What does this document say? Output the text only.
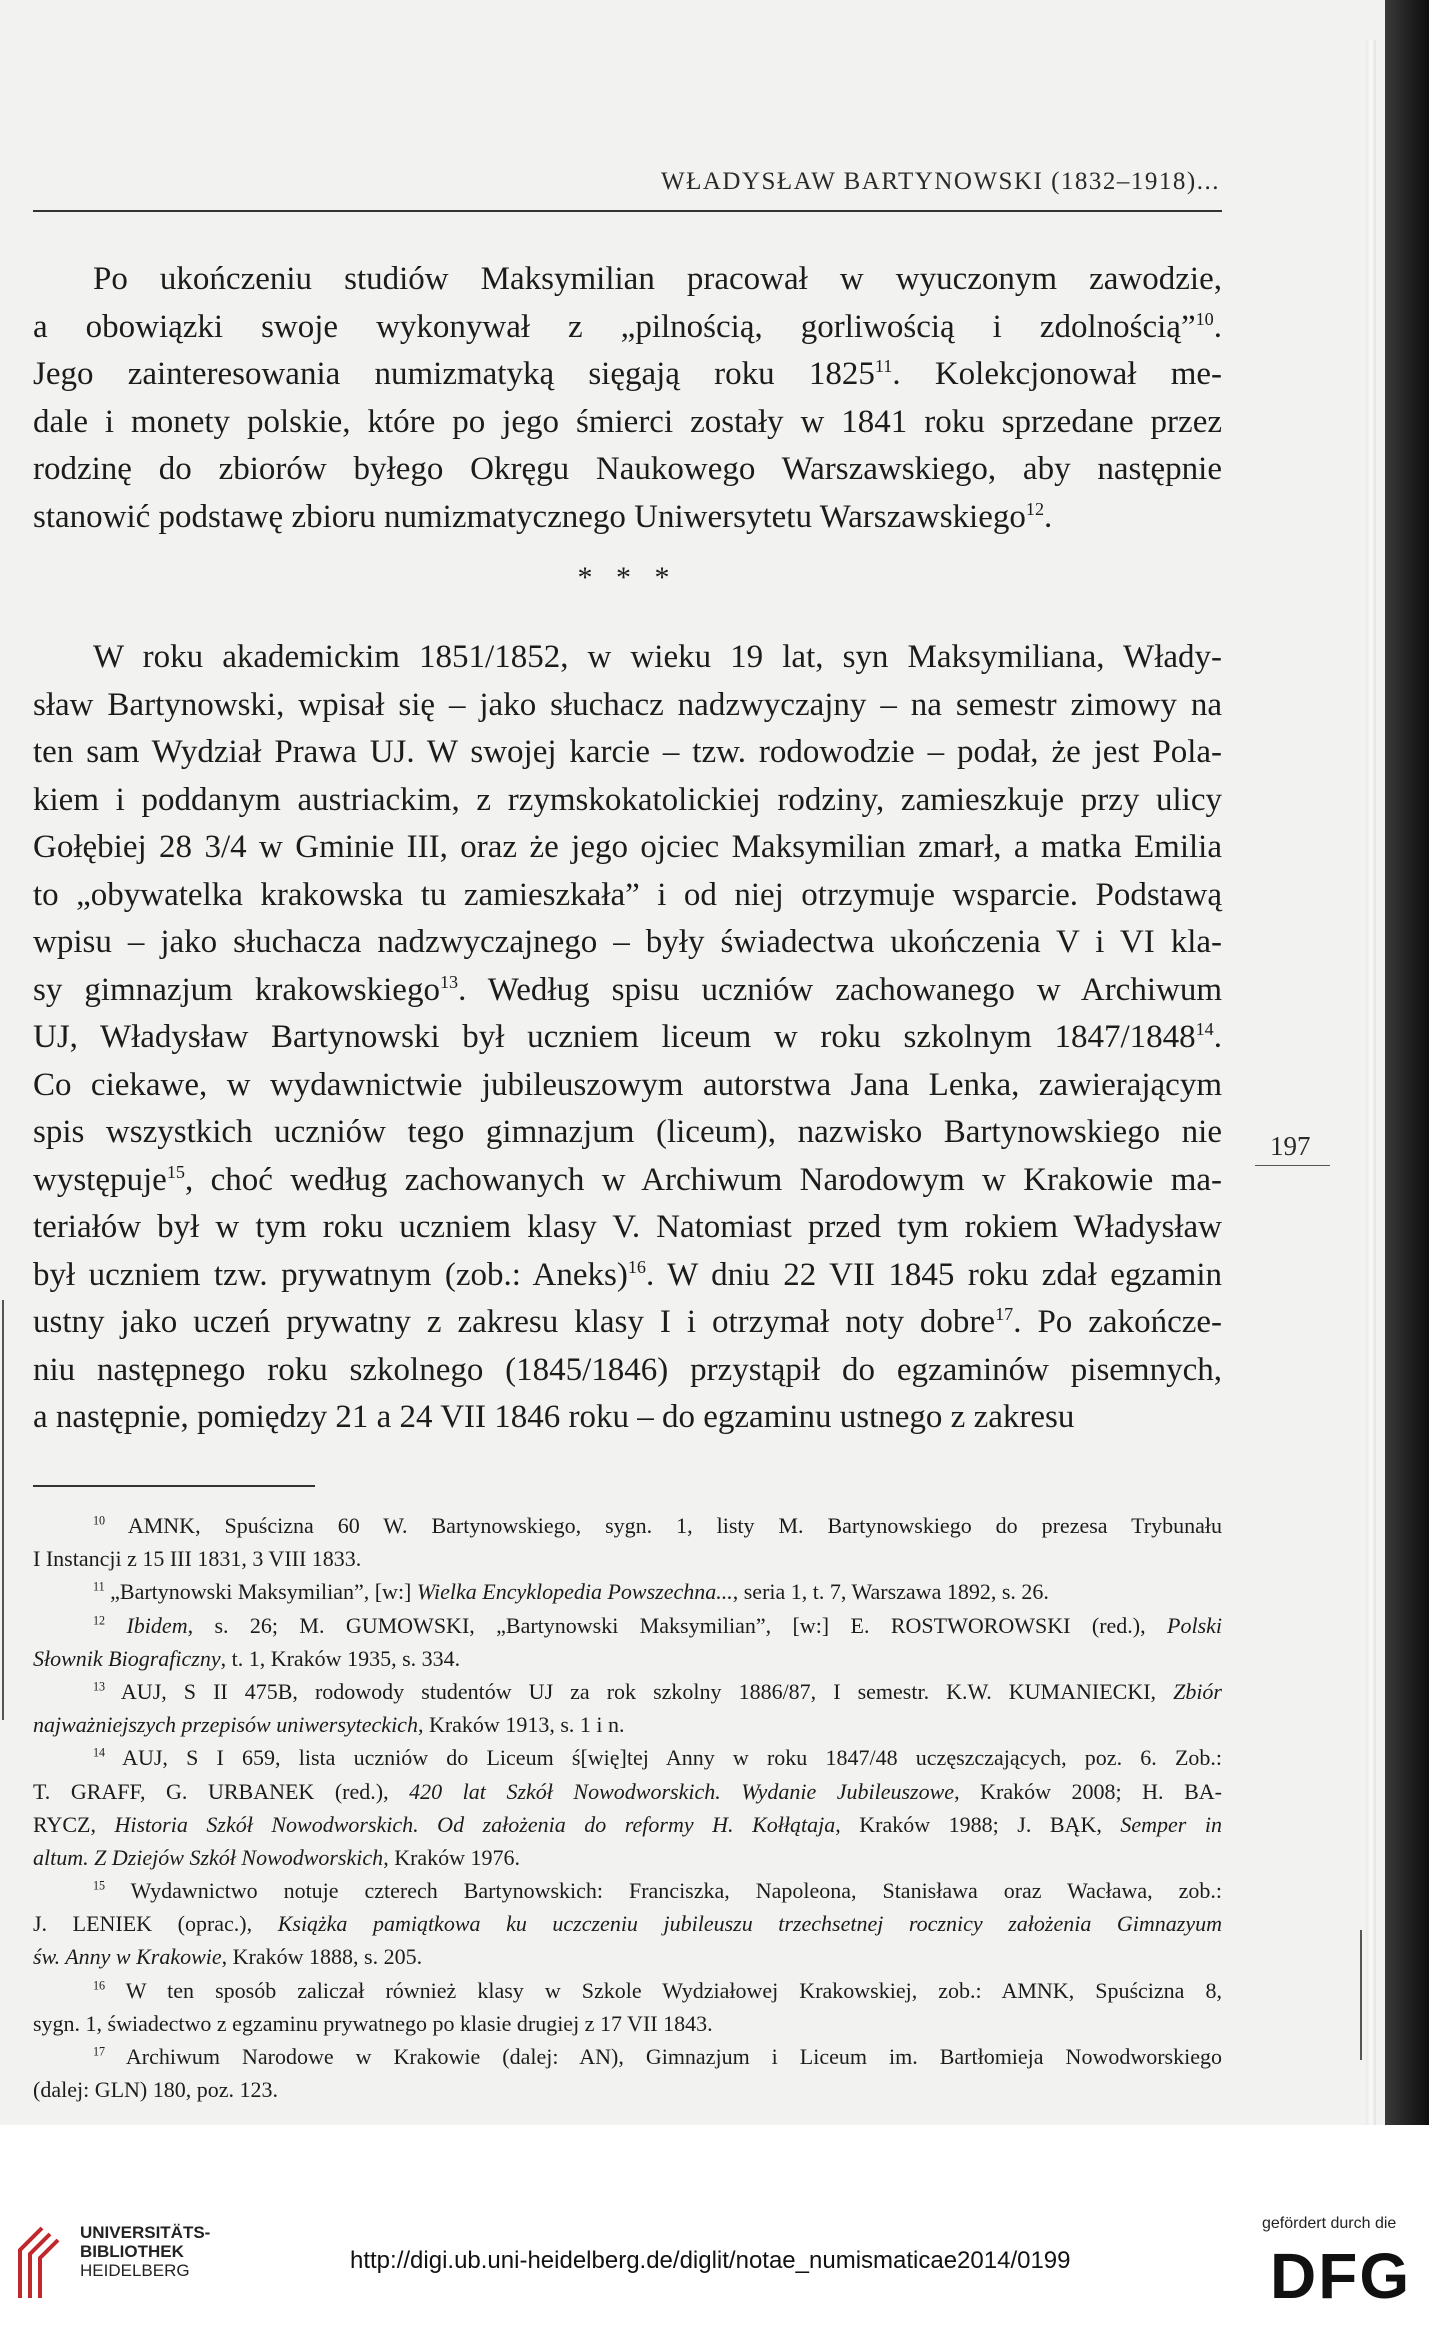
WŁADYSŁAW BARTYNOWSKI (1832–1918)...
Po ukończeniu studiów Maksymilian pracował w wyuczonym zawodzie,
a obowiązki swoje wykonywał z „pilnością, gorliwością i zdolnością”$^{10}$.
Jego zainteresowania numizmatyką sięgają roku 1825$^{11}$. Kolekcjonował me-
dale i monety polskie, które po jego śmierci zostały w 1841 roku sprzedane przez
rodzinę do zbiorów byłego Okręgu Naukowego Warszawskiego, aby następnie
stanowić podstawę zbioru numizmatycznego Uniwersytetu Warszawskiego$^{12}$.
* * *
W roku akademickim 1851/1852, w wieku 19 lat, syn Maksymiliana, Włady-
sław Bartynowski, wpisał się – jako słuchacz nadzwyczajny – na semestr zimowy na
ten sam Wydział Prawa UJ. W swojej karcie – tzw. rodowodzie – podał, że jest Pola-
kiem i poddanym austriackim, z rzymskokatolickiej rodziny, zamieszkuje przy ulicy
Gołębiej 28 3/4 w Gminie III, oraz że jego ojciec Maksymilian zmarł, a matka Emilia
to „obywatelka krakowska tu zamieszkała” i od niej otrzymuje wsparcie. Podstawą
wpisu – jako słuchacza nadzwyczajnego – były świadectwa ukończenia V i VI kla-
sy gimnazjum krakowskiego$^{13}$. Według spisu uczniów zachowanego w Archiwum
UJ, Władysław Bartynowski był uczniem liceum w roku szkolnym 1847/1848$^{14}$.
Co ciekawe, w wydawnictwie jubileuszowym autorstwa Jana Lenka, zawierającym
spis wszystkich uczniów tego gimnazjum (liceum), nazwisko Bartynowskiego nie
występuje$^{15}$, choć według zachowanych w Archiwum Narodowym w Krakowie ma-
teriałów był w tym roku uczniem klasy V. Natomiast przed tym rokiem Władysław
był uczniem tzw. prywatnym (zob.: Aneks)$^{16}$. W dniu 22 VII 1845 roku zdał egzamin
ustny jako uczeń prywatny z zakresu klasy I i otrzymał noty dobre$^{17}$. Po zakończe-
niu następnego roku szkolnego (1845/1846) przystąpił do egzaminów pisemnych,
a następnie, pomiędzy 21 a 24 VII 1846 roku – do egzaminu ustnego z zakresu
197
$^{10}$ AMNK, Spuścizna 60 W. Bartynowskiego, sygn. 1, listy M. Bartynowskiego do prezesa Trybunału
I Instancji z 15 III 1831, 3 VIII 1833.
$^{11}$ „Bartynowski Maksymilian”, [w:] Wielka Encyklopedia Powszechna..., seria 1, t. 7, Warszawa 1892, s. 26.
$^{12}$ Ibidem, s. 26; M. GUMOWSKI, „Bartynowski Maksymilian”, [w:] E. ROSTWOROWSKI (red.), Polski
Słownik Biograficzny, t. 1, Kraków 1935, s. 334.
$^{13}$ AUJ, S II 475B, rodowody studentów UJ za rok szkolny 1886/87, I semestr. K.W. KUMANIECKI, Zbiór
najważniejszych przepisów uniwersyteckich, Kraków 1913, s. 1 i n.
$^{14}$ AUJ, S I 659, lista uczniów do Liceum ś[wię]tej Anny w roku 1847/48 uczęszczających, poz. 6. Zob.:
T. GRAFF, G. URBANEK (red.), 420 lat Szkół Nowodworskich. Wydanie Jubileuszowe, Kraków 2008; H. BA-
RYCZ, Historia Szkół Nowodworskich. Od założenia do reformy H. Kołłątaja, Kraków 1988; J. BĄK, Semper in
altum. Z Dziejów Szkół Nowodworskich, Kraków 1976.
$^{15}$ Wydawnictwo notuje czterech Bartynowskich: Franciszka, Napoleona, Stanisława oraz Wacława, zob.:
J. LENIEK (oprac.), Książka pamiątkowa ku uczczeniu jubileuszu trzechsetnej rocznicy założenia Gimnazyum
św. Anny w Krakowie, Kraków 1888, s. 205.
$^{16}$ W ten sposób zaliczał również klasy w Szkole Wydziałowej Krakowskiej, zob.: AMNK, Spuścizna 8,
sygn. 1, świadectwo z egzaminu prywatnego po klasie drugiej z 17 VII 1843.
$^{17}$ Archiwum Narodowe w Krakowie (dalej: AN), Gimnazjum i Liceum im. Bartłomieja Nowodworskiego
(dalej: GLN) 180, poz. 123.
UNIVERSITÄTS-
BIBLIOTHEK
HEIDELBERG	http://digi.ub.uni-heidelberg.de/diglit/notae_numismaticae2014/0199
gefördert durch die
DFG
